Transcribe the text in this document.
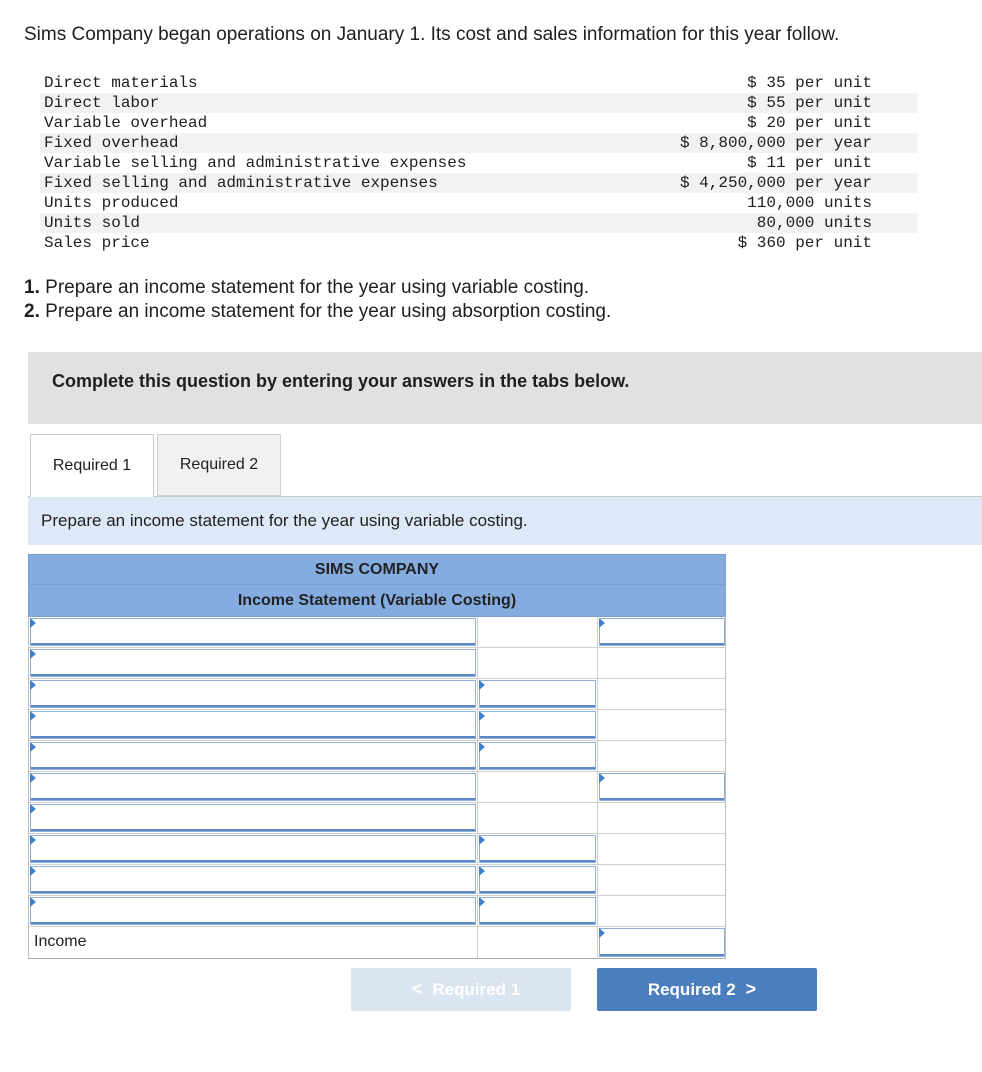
Sims Company began operations on January 1. Its cost and sales information for this year follow.
Direct materials	$ 35 per unit
Direct labor	$ 55 per unit
Variable overhead	$ 20 per unit
Fixed overhead	$ 8,800,000 per year
Variable selling and administrative expenses	$ 11 per unit
Fixed selling and administrative expenses	$ 4,250,000 per year
Units produced	110,000 units
Units sold	80,000 units
Sales price	$ 360 per unit
1. Prepare an income statement for the year using variable costing.
2. Prepare an income statement for the year using absorption costing.
Complete this question by entering your answers in the tabs below.
Required 1	Required 2
Prepare an income statement for the year using variable costing.
SIMS COMPANY
Income Statement (Variable Costing)
Income
< Required 1	Required 2 >
